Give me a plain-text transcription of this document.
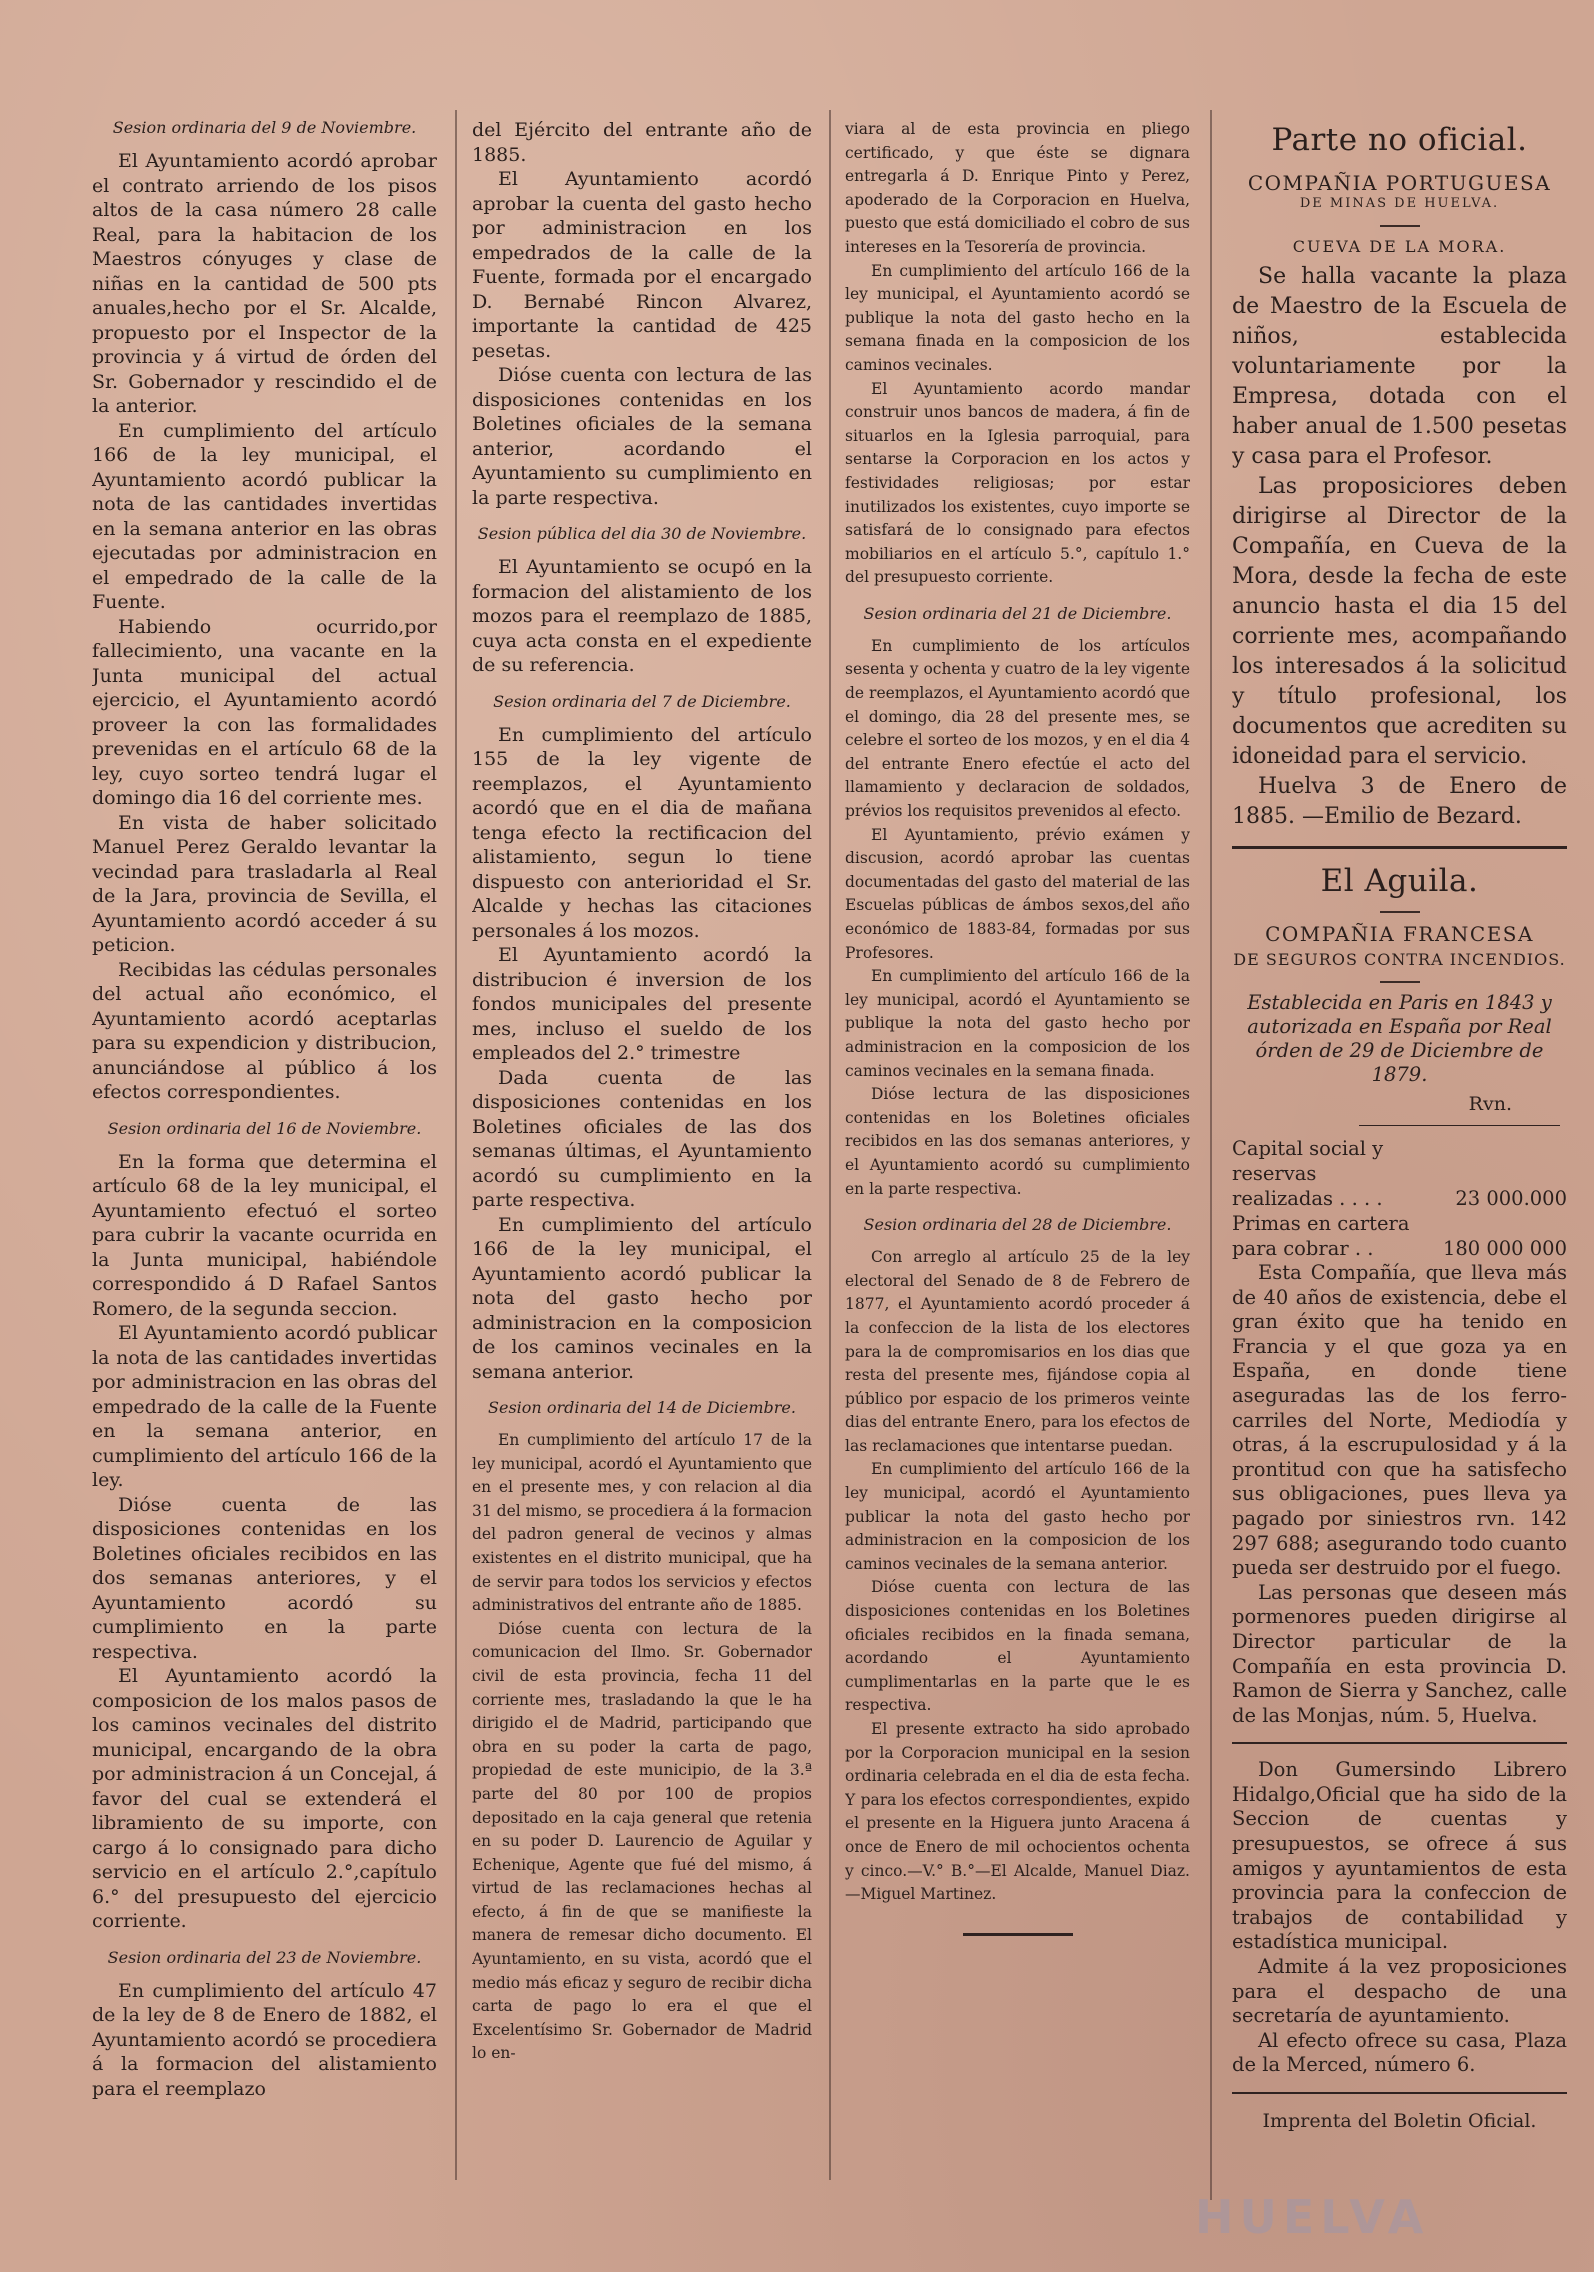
Sesion ordinaria del 9 de Noviembre.

El Ayuntamiento acordó aprobar el contrato arriendo de los pisos altos de la casa número 28 calle Real, para la habitacion de los Maestros cónyuges y clase de niñas en la cantidad de 500 pts anuales,hecho por el Sr. Alcalde, propuesto por el Inspector de la provincia y á virtud de órden del Sr. Gobernador y rescindido el de la anterior.

En cumplimiento del artículo 166 de la ley municipal, el Ayuntamiento acordó publicar la nota de las cantidades invertidas en la semana anterior en las obras ejecutadas por administracion en el empedrado de la calle de la Fuente.

Habiendo ocurrido,por fallecimiento, una vacante en la Junta municipal del actual ejercicio, el Ayuntamiento acordó proveer la con las formalidades prevenidas en el artículo 68 de la ley, cuyo sorteo tendrá lugar el domingo dia 16 del corriente mes.

En vista de haber solicitado Manuel Perez Geraldo levantar la vecindad para trasladarla al Real de la Jara, provincia de Sevilla, el Ayuntamiento acordó acceder á su peticion.

Recibidas las cédulas personales del actual año económico, el Ayuntamiento acordó aceptarlas para su expendicion y distribucion, anunciándose al público á los efectos correspondientes.

Sesion ordinaria del 16 de Noviembre.

En la forma que determina el artículo 68 de la ley municipal, el Ayuntamiento efectuó el sorteo para cubrir la vacante ocurrida en la Junta municipal, habiéndole correspondido á D Rafael Santos Romero, de la segunda seccion.

El Ayuntamiento acordó publicar la nota de las cantidades invertidas por administracion en las obras del empedrado de la calle de la Fuente en la semana anterior, en cumplimiento del artículo 166 de la ley.

Dióse cuenta de las disposiciones contenidas en los Boletines oficiales recibidos en las dos semanas anteriores, y el Ayuntamiento acordó su cumplimiento en la parte respectiva.

El Ayuntamiento acordó la composicion de los malos pasos de los caminos vecinales del distrito municipal, encargando de la obra por administracion á un Concejal, á favor del cual se extenderá el libramiento de su importe, con cargo á lo consignado para dicho servicio en el artículo 2.°,capítulo 6.° del presupuesto del ejercicio corriente.

Sesion ordinaria del 23 de Noviembre.

En cumplimiento del artículo 47 de la ley de 8 de Enero de 1882, el Ayuntamiento acordó se procediera á la formacion del alistamiento para el reemplazo

del Ejército del entrante año de 1885.

El Ayuntamiento acordó aprobar la cuenta del gasto hecho por administracion en los empedrados de la calle de la Fuente, formada por el encargado D. Bernabé Rincon Alvarez, importante la cantidad de 425 pesetas.

Dióse cuenta con lectura de las disposiciones contenidas en los Boletines oficiales de la semana anterior, acordando el Ayuntamiento su cumplimiento en la parte respectiva.

Sesion pública del dia 30 de Noviembre.

El Ayuntamiento se ocupó en la formacion del alistamiento de los mozos para el reemplazo de 1885, cuya acta consta en el expediente de su referencia.

Sesion ordinaria del 7 de Diciembre.

En cumplimiento del artículo 155 de la ley vigente de reemplazos, el Ayuntamiento acordó que en el dia de mañana tenga efecto la rectificacion del alistamiento, segun lo tiene dispuesto con anterioridad el Sr. Alcalde y hechas las citaciones personales á los mozos.

El Ayuntamiento acordó la distribucion é inversion de los fondos municipales del presente mes, incluso el sueldo de los empleados del 2.° trimestre

Dada cuenta de las disposiciones contenidas en los Boletines oficiales de las dos semanas últimas, el Ayuntamiento acordó su cumplimiento en la parte respectiva.

En cumplimiento del artículo 166 de la ley municipal, el Ayuntamiento acordó publicar la nota del gasto hecho por administracion en la composicion de los caminos vecinales en la semana anterior.

Sesion ordinaria del 14 de Diciembre.

En cumplimiento del artículo 17 de la ley municipal, acordó el Ayuntamiento que en el presente mes, y con relacion al dia 31 del mismo, se procediera á la formacion del padron general de vecinos y almas existentes en el distrito municipal, que ha de servir para todos los servicios y efectos administrativos del entrante año de 1885.

Dióse cuenta con lectura de la comunicacion del Ilmo. Sr. Gobernador civil de esta provincia, fecha 11 del corriente mes, trasladando la que le ha dirigido el de Madrid, participando que obra en su poder la carta de pago, propiedad de este municipio, de la 3.ª parte del 80 por 100 de propios depositado en la caja general que retenia en su poder D. Laurencio de Aguilar y Echenique, Agente que fué del mismo, á virtud de las reclamaciones hechas al efecto, á fin de que se manifieste la manera de remesar dicho documento. El Ayuntamiento, en su vista, acordó que el medio más eficaz y seguro de recibir dicha carta de pago lo era el que el Excelentísimo Sr. Gobernador de Madrid lo en-

viara al de esta provincia en pliego certificado, y que éste se dignara entregarla á D. Enrique Pinto y Perez, apoderado de la Corporacion en Huelva, puesto que está domiciliado el cobro de sus intereses en la Tesorería de provincia.

En cumplimiento del artículo 166 de la ley municipal, el Ayuntamiento acordó se publique la nota del gasto hecho en la semana finada en la composicion de los caminos vecinales.

El Ayuntamiento acordo mandar construir unos bancos de madera, á fin de situarlos en la Iglesia parroquial, para sentarse la Corporacion en los actos y festividades religiosas; por estar inutilizados los existentes, cuyo importe se satisfará de lo consignado para efectos mobiliarios en el artículo 5.°, capítulo 1.° del presupuesto corriente.

Sesion ordinaria del 21 de Diciembre.

En cumplimiento de los artículos sesenta y ochenta y cuatro de la ley vigente de reemplazos, el Ayuntamiento acordó que el domingo, dia 28 del presente mes, se celebre el sorteo de los mozos, y en el dia 4 del entrante Enero efectúe el acto del llamamiento y declaracion de soldados, prévios los requisitos prevenidos al efecto.

El Ayuntamiento, prévio exámen y discusion, acordó aprobar las cuentas documentadas del gasto del material de las Escuelas públicas de ámbos sexos,del año económico de 1883-84, formadas por sus Profesores.

En cumplimiento del artículo 166 de la ley municipal, acordó el Ayuntamiento se publique la nota del gasto hecho por administracion en la composicion de los caminos vecinales en la semana finada.

Dióse lectura de las disposiciones contenidas en los Boletines oficiales recibidos en las dos semanas anteriores, y el Ayuntamiento acordó su cumplimiento en la parte respectiva.

Sesion ordinaria del 28 de Diciembre.

Con arreglo al artículo 25 de la ley electoral del Senado de 8 de Febrero de 1877, el Ayuntamiento acordó proceder á la confeccion de la lista de los electores para la de compromisarios en los dias que resta del presente mes, fijándose copia al público por espacio de los primeros veinte dias del entrante Enero, para los efectos de las reclamaciones que intentarse puedan.

En cumplimiento del artículo 166 de la ley municipal, acordó el Ayuntamiento publicar la nota del gasto hecho por administracion en la composicion de los caminos vecinales de la semana anterior.

Dióse cuenta con lectura de las disposiciones contenidas en los Boletines oficiales recibidos en la finada semana, acordando el Ayuntamiento cumplimentarlas en la parte que le es respectiva.

El presente extracto ha sido aprobado por la Corporacion municipal en la sesion ordinaria celebrada en el dia de esta fecha. Y para los efectos correspondientes, expido el presente en la Higuera junto Aracena á once de Enero de mil ochocientos ochenta y cinco.—V.° B.°—El Alcalde, Manuel Diaz.—Miguel Martinez.

Parte no oficial.

COMPAÑIA PORTUGUESA

DE MINAS DE HUELVA.

CUEVA DE LA MORA.

Se halla vacante la plaza de Maestro de la Escuela de niños, establecida voluntariamente por la Empresa, dotada con el haber anual de 1.500 pesetas y casa para el Profesor.

Las proposiciores deben dirigirse al Director de la Compañía, en Cueva de la Mora, desde la fecha de este anuncio hasta el dia 15 del corriente mes, acompañando los interesados á la solicitud y título profesional, los documentos que acrediten su idoneidad para el servicio.

Huelva 3 de Enero de 1885. —Emilio de Bezard.

El Aguila.

COMPAÑIA FRANCESA

DE SEGUROS CONTRA INCENDIOS.

Establecida en Paris en 1843 y autorizada en España por Real órden de 29 de Diciembre de 1879.

Rvn.

Capital social y reservas realizadas . . . .	23 000.000
Primas en cartera para cobrar . .	180 000 000

Esta Compañía, que lleva más de 40 años de existencia, debe el gran éxito que ha tenido en Francia y el que goza ya en España, en donde tiene aseguradas las de los ferro-carriles del Norte, Mediodía y otras, á la escrupulosidad y á la prontitud con que ha satisfecho sus obligaciones, pues lleva ya pagado por siniestros rvn. 142 297 688; asegurando todo cuanto pueda ser destruido por el fuego.

Las personas que deseen más pormenores pueden dirigirse al Director particular de la Compañía en esta provincia D. Ramon de Sierra y Sanchez, calle de las Monjas, núm. 5, Huelva.

Don Gumersindo Librero Hidalgo,Oficial que ha sido de la Seccion de cuentas y presupuestos, se ofrece á sus amigos y ayuntamientos de esta provincia para la confeccion de trabajos de contabilidad y estadística municipal.

Admite á la vez proposiciones para el despacho de una secretaría de ayuntamiento.

Al efecto ofrece su casa, Plaza de la Merced, número 6.

Imprenta del Boletin Oficial.

HUELVA
